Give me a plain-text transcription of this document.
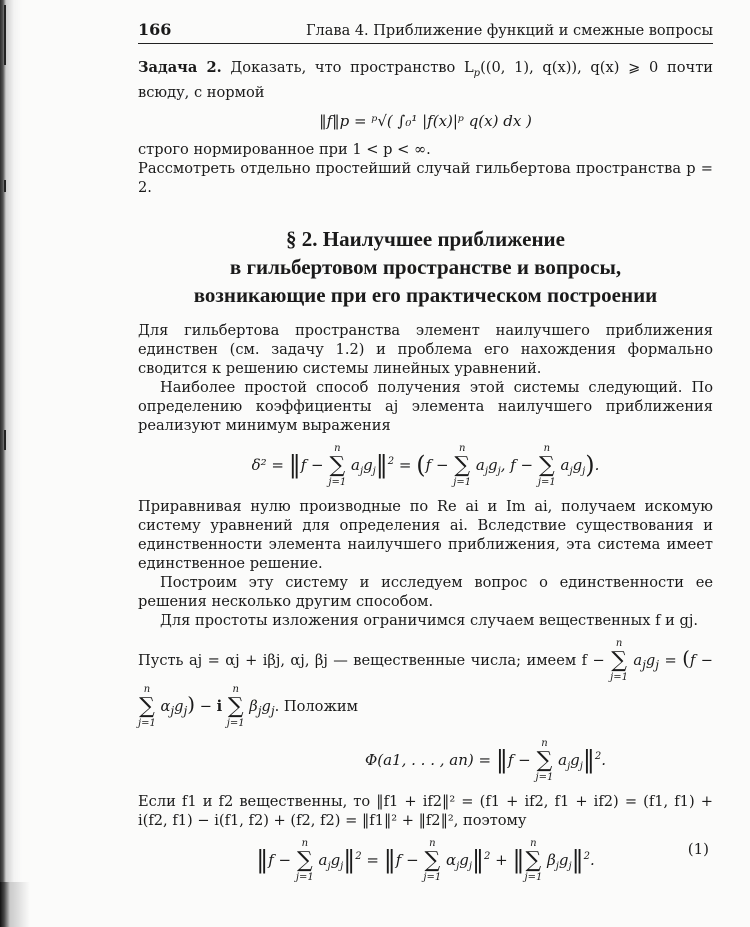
166	Глава 4. Приближение функций и смежные вопросы

Задача 2. Доказать, что пространство $L_p((0$, 1), q(x)), q(x) ⩾ 0 почти всюду, с нормой

‖f‖p = ᵖ√( ∫₀¹ |f(x)|ᵖ q(x) dx )

строго нормированное при 1 < p < ∞.

Рассмотреть отдельно простейший случай гильбертова пространства p = 2.

§ 2. Наилучшее приближение
в гильбертовом пространстве и вопросы,
возникающие при его практическом построении

Для гильбертова пространства элемент наилучшего приближения единствен (см. задачу 1.2) и проблема его нахождения формально сводится к решению системы линейных уравнений.

Наиболее простой способ получения этой системы следующий. По определению коэффициенты aj элемента наилучшего приближения реализуют минимум выражения

δ² = ‖f −
n
∑
j=1
$a_jg_j‖^2 = (f$ −
n
∑
j=1
$a_jg_j$, f −
n
∑
j=1
$a_jg_j$).

Приравнивая нулю производные по Re ai и Im ai, получаем искомую систему уравнений для определения ai. Вследствие существования и единственности элемента наилучшего приближения, эта система имеет единственное решение.

Построим эту систему и исследуем вопрос о единственности ее решения несколько другим способом.

Для простоты изложения ограничимся случаем вещественных f и gj.

Пусть aj = αj + iβj, αj, βj — вещественные числа; имеем f −
n
∑
j=1
$a_jg_j = (f$ −
n
∑
j=1
$\alpha_jg_j) - i$
n
∑
j=1
$\beta_jg_j$. Положим

Φ(a1, . . . , an) = ‖f −
n
∑
j=1
$a_jg_j‖^2$.

Если f1 и f2 вещественны, то ‖f1 + if2‖² = (f1 + if2, f1 + if2) = (f1, f1) + i(f2, f1) − i(f1, f2) + (f2, f2) = ‖f1‖² + ‖f2‖², поэтому

‖f −
n
∑
j=1
$a_jg_j‖^2$ = ‖f −
n
∑
j=1
$\alpha_jg_j‖^2$ + ‖
n
∑
j=1
$\beta_jg_j‖^2$.
(1)
